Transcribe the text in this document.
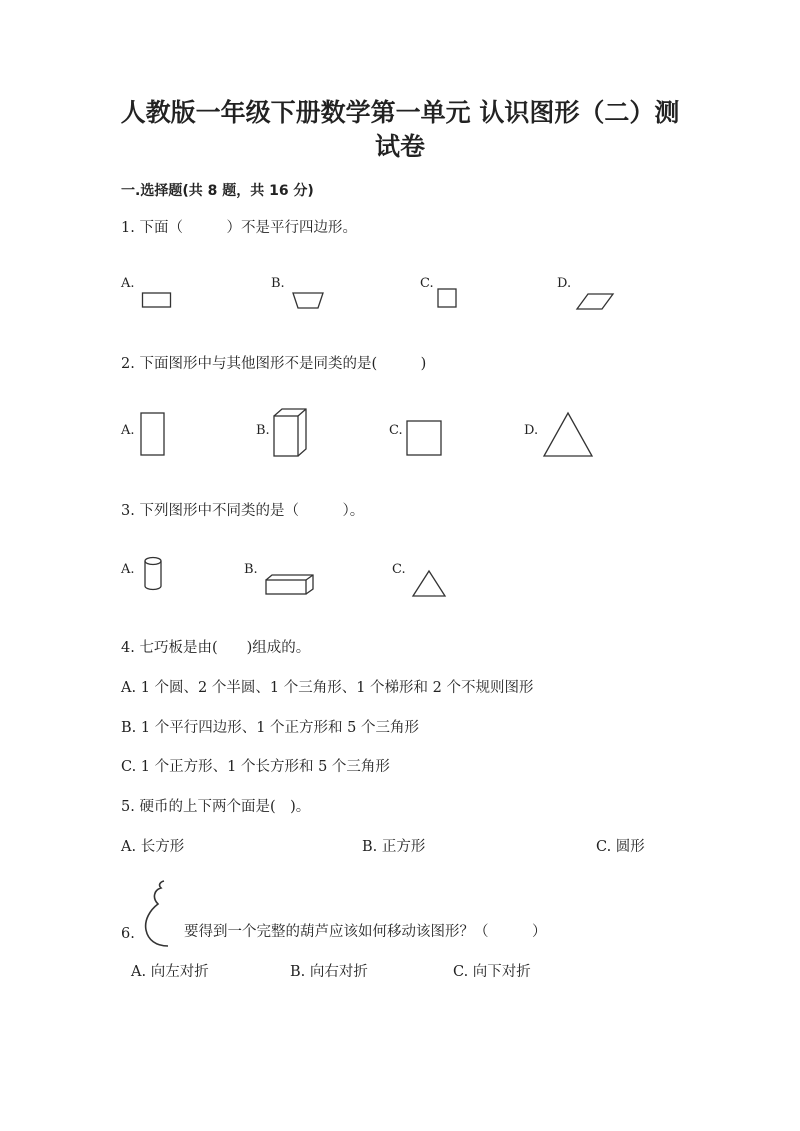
人教版一年级下册数学第一单元 认识图形（二）测
试卷
一.选择题(共 8 题，共 16 分)
1. 下面（　　　）不是平行四边形。
A.	B.	C.	D.
2. 下面图形中与其他图形不是同类的是(　　　)
A.	B.	C.	D.
3. 下列图形中不同类的是（　　　）。
A.	B.	C.
4. 七巧板是由(　　)组成的。
A. 1 个圆、2 个半圆、1 个三角形、1 个梯形和 2 个不规则图形
B. 1 个平行四边形、1 个正方形和 5 个三角形
C. 1 个正方形、1 个长方形和 5 个三角形
5. 硬币的上下两个面是(　)。
A. 长方形	B. 正方形	C. 圆形
6.	要得到一个完整的葫芦应该如何移动该图形？（　　　）
A. 向左对折	B. 向右对折	C. 向下对折
